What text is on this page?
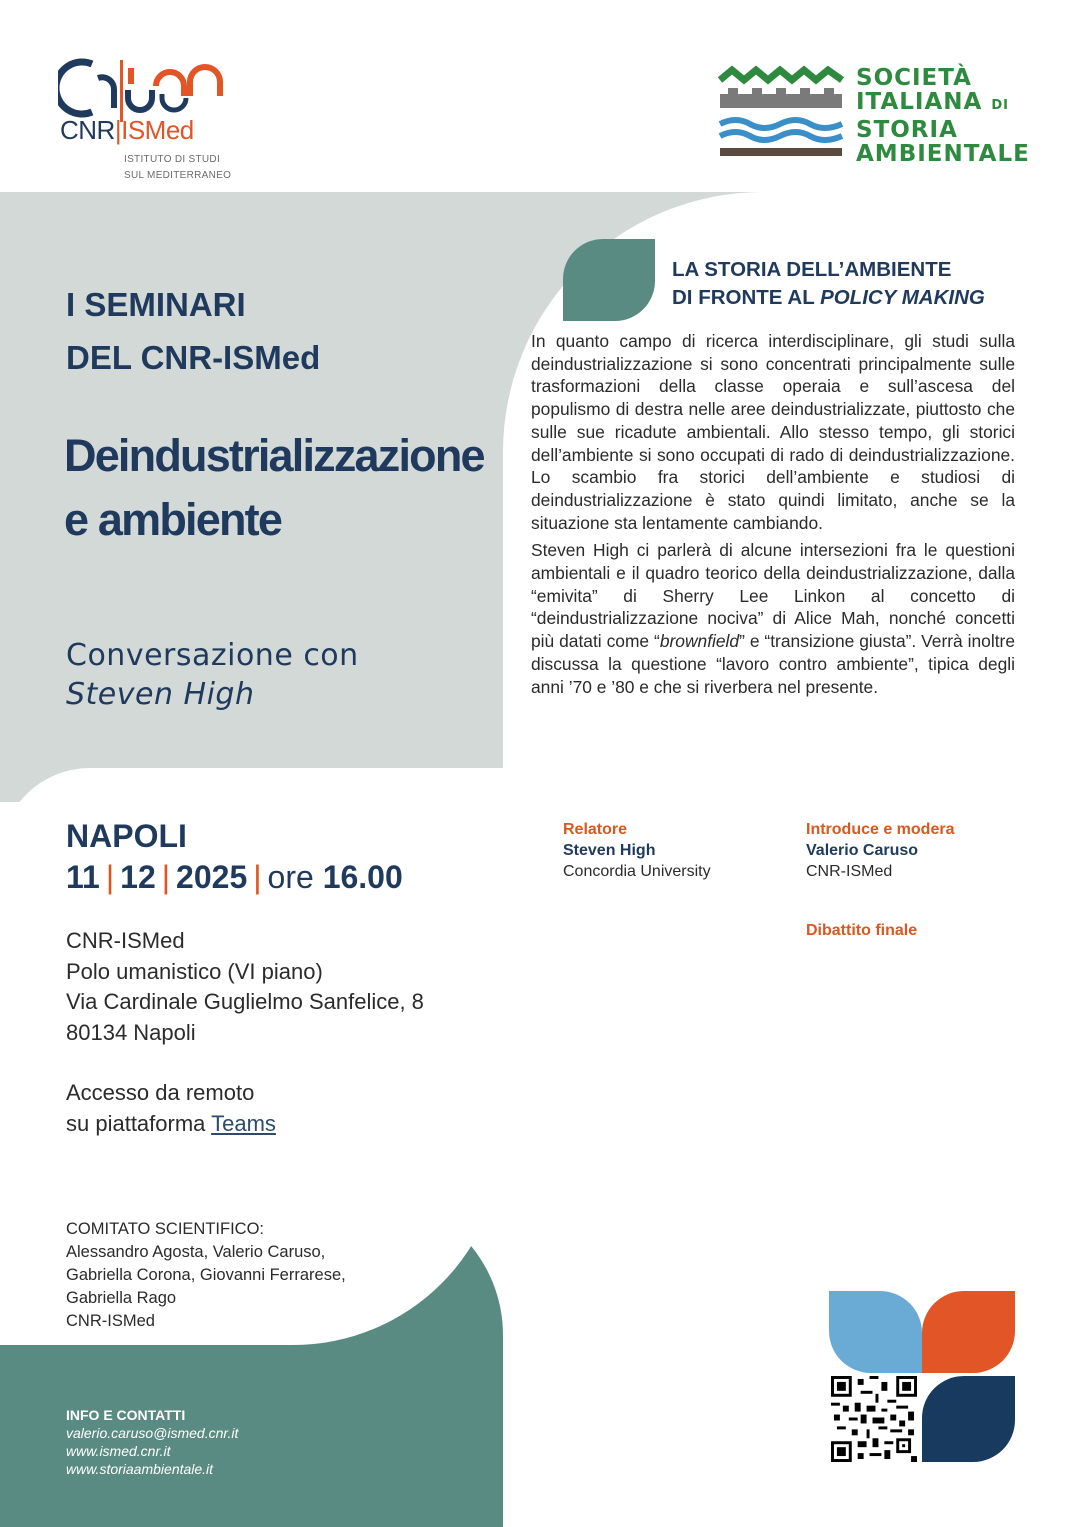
CNR|ISMed
ISTITUTO DI STUDI
SUL MEDITERRANEO
SOCIETÀ
ITALIANA DI
STORIA
AMBIENTALE
I SEMINARI
DEL CNR-ISMed
Deindustrializzazione
e ambiente
Conversazione con
Steven High
LA STORIA DELL’AMBIENTE
DI FRONTE AL POLICY MAKING

In quanto campo di ricerca interdisciplinare, gli studi sulla deindustrializzazione si sono concentrati principalmente sulle trasformazioni della classe operaia e sull’ascesa del populismo di destra nelle aree deindustrializzate, piuttosto che sulle sue ricadute ambientali. Allo stesso tempo, gli storici dell’ambiente si sono occupati di rado di deindustrializzazione. Lo scambio fra storici dell’ambiente e studiosi di deindustrializzazione è stato quindi limitato, anche se la situazione sta lentamente cambiando.

Steven High ci parlerà di alcune intersezioni fra le questioni ambientali e il quadro teorico della deindustrializzazione, dalla “emivita” di Sherry Lee Linkon al concetto di “deindustrializzazione nociva” di Alice Mah, nonché concetti più datati come “brownfield” e “transizione giusta”. Verrà inoltre discussa la questione “lavoro contro ambiente”, tipica degli anni ’70 e ’80 e che si riverbera nel presente.

NAPOLI
11 | 12 | 2025 | ore 16.00
CNR-ISMed
Polo umanistico (VI piano)
Via Cardinale Guglielmo Sanfelice, 8
80134 Napoli
Accesso da remoto
su piattaforma Teams
Relatore
Steven High
Concordia University
Introduce e modera
Valerio Caruso
CNR-ISMed
Dibattito finale
COMITATO SCIENTIFICO:
Alessandro Agosta, Valerio Caruso,
Gabriella Corona, Giovanni Ferrarese,
Gabriella Rago
CNR-ISMed
INFO E CONTATTI
valerio.caruso@ismed.cnr.it
www.ismed.cnr.it
www.storiaambientale.it
